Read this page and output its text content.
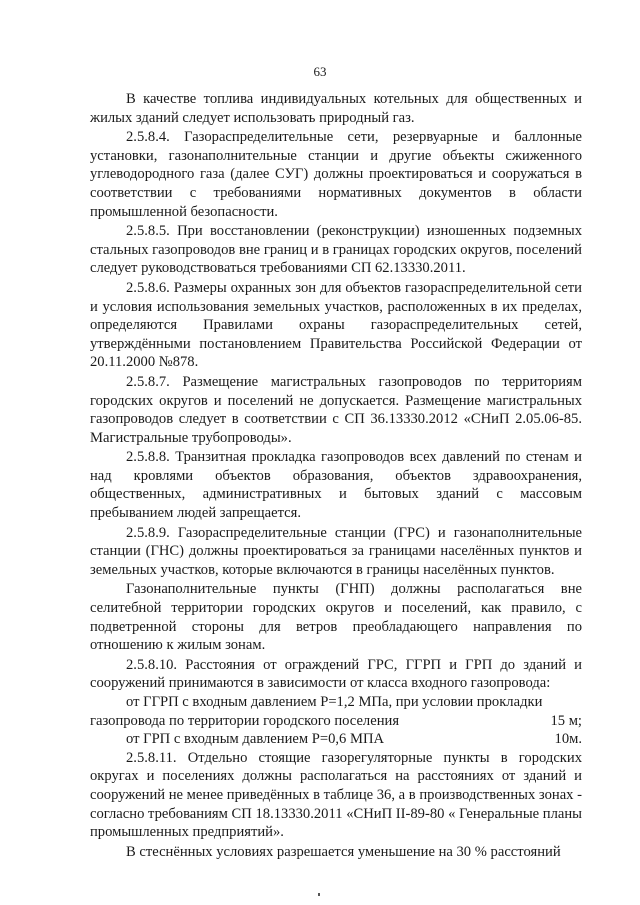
63

В качестве топлива индивидуальных котельных для общественных и жилых зданий следует использовать природный газ.

2.5.8.4. Газораспределительные сети, резервуарные и баллонные установки, газонаполнительные станции и другие объекты сжиженного углеводородного газа (далее СУГ) должны проектироваться и сооружаться в соответствии с требованиями нормативных документов в области промышленной безопасности.

2.5.8.5. При восстановлении (реконструкции) изношенных подземных стальных газопроводов вне границ и в границах городских округов, поселений следует руководствоваться требованиями СП 62.13330.2011.

2.5.8.6. Размеры охранных зон для объектов газораспределительной сети и условия использования земельных участков, расположенных в их пределах, определяются Правилами охраны газораспределительных сетей, утверждёнными постановлением Правительства Российской Федерации от 20.11.2000 №878.

2.5.8.7. Размещение магистральных газопроводов по территориям городских округов и поселений не допускается. Размещение магистральных газопроводов следует в соответствии с СП 36.13330.2012 «СНиП 2.05.06-85. Магистральные трубопроводы».

2.5.8.8. Транзитная прокладка газопроводов всех давлений по стенам и над кровлями объектов образования, объектов здравоохранения, общественных, административных и бытовых зданий с массовым пребыванием людей запрещается.

2.5.8.9. Газораспределительные станции (ГРС) и газонаполнительные станции (ГНС) должны проектироваться за границами населённых пунктов и земельных участков, которые включаются в границы населённых пунктов.

Газонаполнительные пункты (ГНП) должны располагаться вне селитебной территории городских округов и поселений, как правило, с подветренной стороны для ветров преобладающего направления по отношению к жилым зонам.

2.5.8.10. Расстояния от ограждений ГРС, ГГРП и ГРП до зданий и сооружений принимаются в зависимости от класса входного газопровода:

от ГГРП с входным давлением Р=1,2 МПа, при условии прокладки
газопровода по территории городского поселения	15 м;
от ГРП с входным давлением Р=0,6 МПА	10м.

2.5.8.11. Отдельно стоящие газорегуляторные пункты в городских округах и поселениях должны располагаться на расстояниях от зданий и сооружений не менее приведённых в таблице 36, а в производственных зонах - согласно требованиям СП 18.13330.2011 «СНиП II-89-80 « Генеральные планы промышленных предприятий».

В стеснённых условиях разрешается уменьшение на 30 % расстояний
